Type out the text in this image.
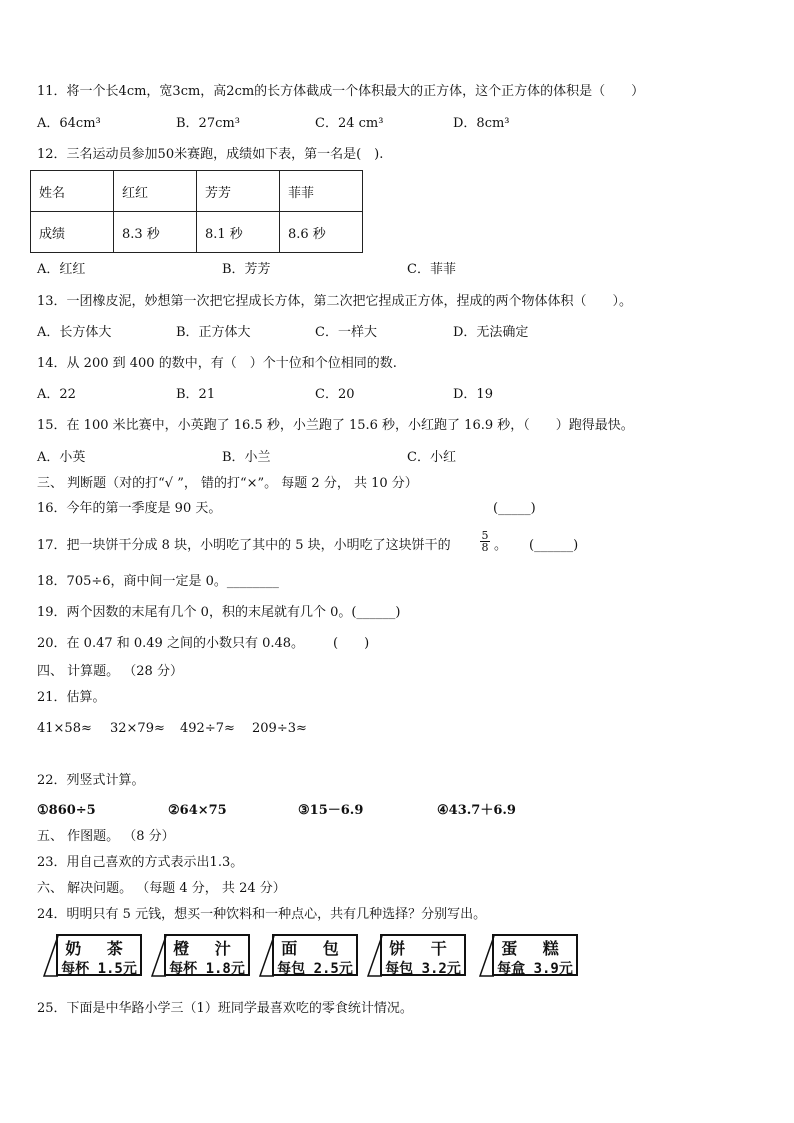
11．将一个长4cm，宽3cm，高2cm的长方体截成一个体积最大的正方体，这个正方体的体积是（　　）
A．64cm³	B．27cm³	C．24 cm³	D．8cm³
12．三名运动员参加50米赛跑，成绩如下表，第一名是(　).
姓名	红红	芳芳	菲菲
成绩	8.3 秒	8.1 秒	8.6 秒
A．红红	B．芳芳	C．菲菲
13．一团橡皮泥，妙想第一次把它捏成长方体，第二次把它捏成正方体，捏成的两个物体体积（　　）。
A．长方体大	B．正方体大	C．一样大	D．无法确定
14．从 200 到 400 的数中，有（　）个十位和个位相同的数.
A．22	B．21	C．20	D．19
15．在 100 米比赛中，小英跑了 16.5 秒，小兰跑了 15.6 秒，小红跑了 16.9 秒，（　　）跑得最快。
A．小英	B．小兰	C．小红
三、 判断题（对的打“√ ”， 错的打“×”。 每题 2 分， 共 10 分）
16．今年的第一季度是 90 天。	(_____)
17．把一块饼干分成 8 块，小明吃了其中的 5 块，小明吃了这块饼干的	$\frac{5}{8}$ 。 (______)
18．705÷6，商中间一定是 0。________
19．两个因数的末尾有几个 0，积的末尾就有几个 0。(______)
20．在 0.47 和 0.49 之间的小数只有 0.48。 (　　)
四、 计算题。 （28 分）
21．估算。
41×58≈ 32×79≈ 492÷7≈ 209÷3≈
22．列竖式计算。
①860÷5	②64×75	③15－6.9	④43.7＋6.9
五、 作图题。 （8 分）
23．用自己喜欢的方式表示出1.3。
六、 解决问题。 （每题 4 分， 共 24 分）
24．明明只有 5 元钱，想买一种饮料和一种点心，共有几种选择？分别写出。
奶 茶
每杯 1.5元
橙 汁
每杯 1.8元
面 包
每包 2.5元
饼 干
每包 3.2元
蛋 糕
每盒 3.9元
25．下面是中华路小学三（1）班同学最喜欢吃的零食统计情况。
